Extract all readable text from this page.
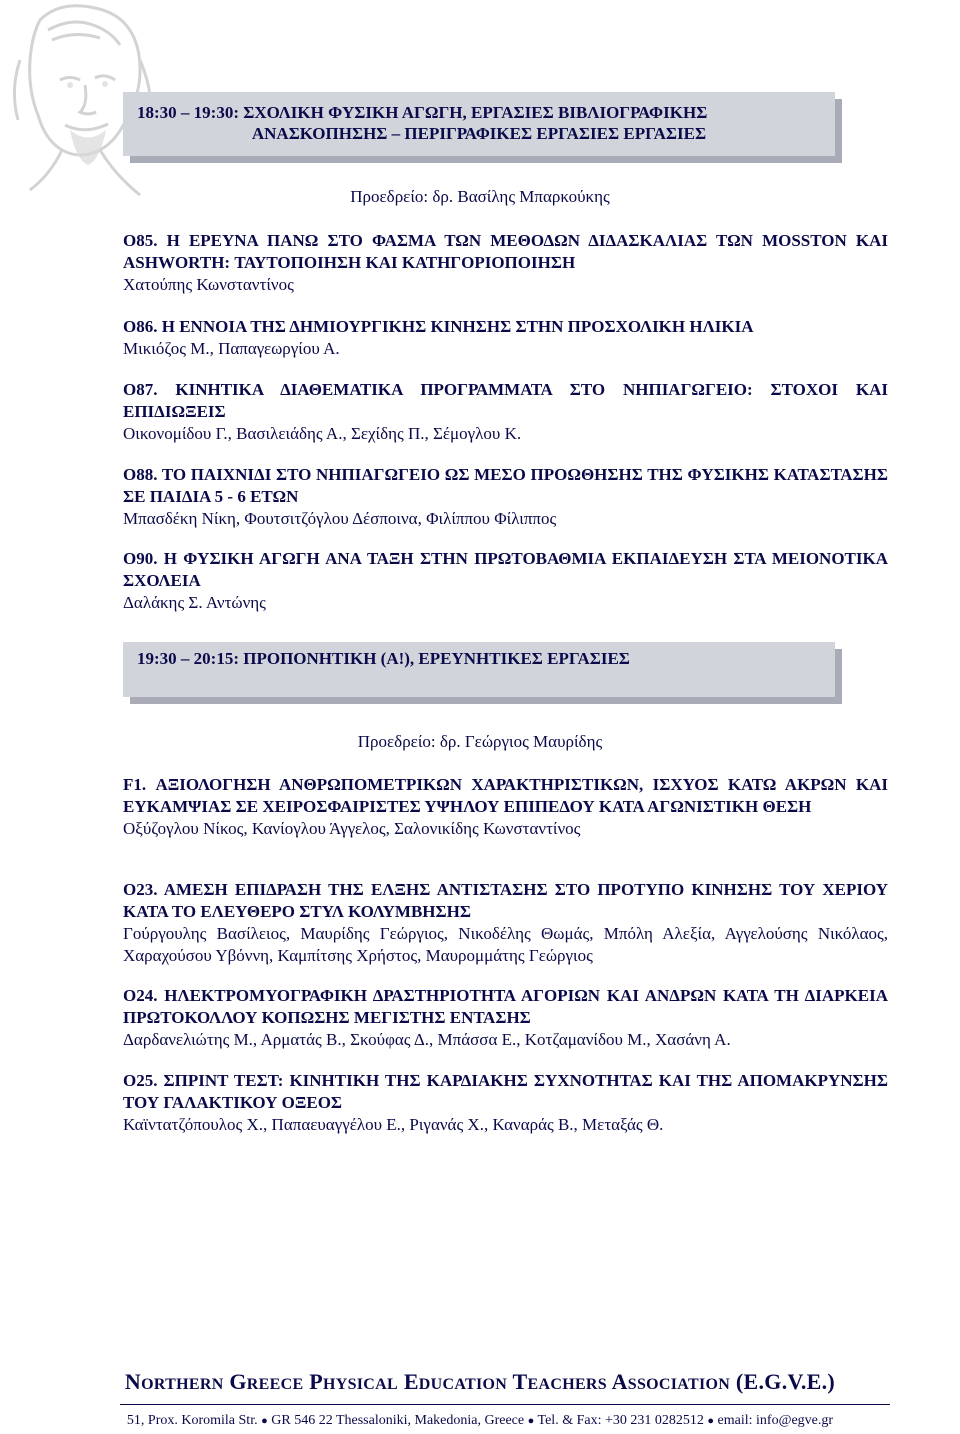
18:30 – 19:30: ΣΧΟΛΙΚΗ ΦΥΣΙΚΗ ΑΓΩΓΗ, ΕΡΓΑΣΙΕΣ ΒΙΒΛΙΟΓΡΑΦΙΚΗΣ
ΑΝΑΣΚΟΠΗΣΗΣ – ΠΕΡΙΓΡΑΦΙΚΕΣ ΕΡΓΑΣΙΕΣ ΕΡΓΑΣΙΕΣ
Προεδρείο: δρ. Βασίλης Μπαρκούκης
Ο85. Η ΕΡΕΥΝΑ ΠΑΝΩ ΣΤΟ ΦΑΣΜΑ ΤΩΝ ΜΕΘΟΔΩΝ ΔΙΔΑΣΚΑΛΙΑΣ ΤΩΝ MOSSTON ΚΑΙ ASHWORTH: ΤΑΥΤΟΠΟΙΗΣΗ ΚΑΙ ΚΑΤΗΓΟΡΙΟΠΟΙΗΣΗ
Χατούπης Κωνσταντίνος
Ο86. Η ΕΝΝΟΙΑ ΤΗΣ ΔΗΜΙΟΥΡΓΙΚΗΣ ΚΙΝΗΣΗΣ ΣΤΗΝ ΠΡΟΣΧΟΛΙΚΗ ΗΛΙΚΙΑ
Μικιόζος Μ., Παπαγεωργίου Α.
Ο87. ΚΙΝΗΤΙΚΑ ΔΙΑΘΕΜΑΤΙΚΑ ΠΡΟΓΡΑΜΜΑΤΑ ΣΤΟ ΝΗΠΙΑΓΩΓΕΙΟ: ΣΤΟΧΟΙ ΚΑΙ ΕΠΙΔΙΩΞΕΙΣ
Οικονομίδου Γ., Βασιλειάδης Α., Σεχίδης Π., Σέμογλου Κ.
Ο88. ΤΟ ΠΑΙΧΝΙΔΙ ΣΤΟ ΝΗΠΙΑΓΩΓΕΙΟ ΩΣ ΜΕΣΟ ΠΡΟΩΘΗΣΗΣ ΤΗΣ ΦΥΣΙΚΗΣ ΚΑΤΑΣΤΑΣΗΣ ΣΕ ΠΑΙΔΙΑ 5 - 6 ΕΤΩΝ
Μπασδέκη Νίκη, Φουτσιτζόγλου Δέσποινα, Φιλίππου Φίλιππος
Ο90. Η ΦΥΣΙΚΗ ΑΓΩΓΗ ΑΝΑ ΤΑΞΗ ΣΤΗΝ ΠΡΩΤΟΒΑΘΜΙΑ ΕΚΠΑΙΔΕΥΣΗ ΣΤΑ ΜΕΙΟΝΟΤΙΚΑ ΣΧΟΛΕΙΑ
Δαλάκης Σ. Αντώνης
19:30 – 20:15: ΠΡΟΠΟΝΗΤΙΚΗ (Α!), ΕΡΕΥΝΗΤΙΚΕΣ ΕΡΓΑΣΙΕΣ
Προεδρείο: δρ. Γεώργιος Μαυρίδης
F1. ΑΞΙΟΛΟΓΗΣΗ ΑΝΘΡΩΠΟΜΕΤΡΙΚΩΝ ΧΑΡΑΚΤΗΡΙΣΤΙΚΩΝ, ΙΣΧΥΟΣ ΚΑΤΩ ΑΚΡΩΝ ΚΑΙ ΕΥΚΑΜΨΙΑΣ ΣΕ ΧΕΙΡΟΣΦΑΙΡΙΣΤΕΣ ΥΨΗΛΟΥ ΕΠΙΠΕΔΟΥ ΚΑΤΑ ΑΓΩΝΙΣΤΙΚΗ ΘΕΣΗ
Οξύζογλου Νίκος, Κανίογλου Άγγελος, Σαλονικίδης Κωνσταντίνος
Ο23. ΑΜΕΣΗ ΕΠΙΔΡΑΣΗ ΤΗΣ ΕΛΞΗΣ ΑΝΤΙΣΤΑΣΗΣ ΣΤΟ ΠΡΟΤΥΠΟ ΚΙΝΗΣΗΣ ΤΟΥ ΧΕΡΙΟΥ ΚΑΤΑ ΤΟ ΕΛΕΥΘΕΡΟ ΣΤΥΛ ΚΟΛΥΜΒΗΣΗΣ
Γούργουλης Βασίλειος, Μαυρίδης Γεώργιος, Νικοδέλης Θωμάς, Μπόλη Αλεξία, Αγγελούσης Νικόλαος, Χαραχούσου Υβόννη, Καμπίτσης Χρήστος, Μαυρομμάτης Γεώργιος
Ο24. ΗΛΕΚΤΡΟΜΥΟΓΡΑΦΙΚΗ ΔΡΑΣΤΗΡΙΟΤΗΤΑ ΑΓΟΡΙΩΝ ΚΑΙ ΑΝΔΡΩΝ ΚΑΤΑ ΤΗ ΔΙΑΡΚΕΙΑ ΠΡΩΤΟΚΟΛΛΟΥ ΚΟΠΩΣΗΣ ΜΕΓΙΣΤΗΣ ΕΝΤΑΣΗΣ
Δαρδανελιώτης Μ., Αρματάς Β., Σκούφας Δ., Μπάσσα Ε., Κοτζαμανίδου Μ., Χασάνη Α.
Ο25. ΣΠΡΙΝΤ ΤΕΣΤ: ΚΙΝΗΤΙΚΗ ΤΗΣ ΚΑΡΔΙΑΚΗΣ ΣΥΧΝΟΤΗΤΑΣ ΚΑΙ ΤΗΣ ΑΠΟΜΑΚΡΥΝΣΗΣ ΤΟΥ ΓΑΛΑΚΤΙΚΟΥ ΟΞΕΟΣ
Καϊντατζόπουλος Χ., Παπαευαγγέλου Ε., Ριγανάς Χ., Καναράς Β., Μεταξάς Θ.
NORTHERN GREECE PHYSICAL EDUCATION TEACHERS ASSOCIATION (E.G.V.E.)
51, Prox. Koromila Str. ● GR 546 22 Thessaloniki, Makedonia, Greece ● Tel. & Fax: +30 231 0282512 ● email: info@egve.gr
